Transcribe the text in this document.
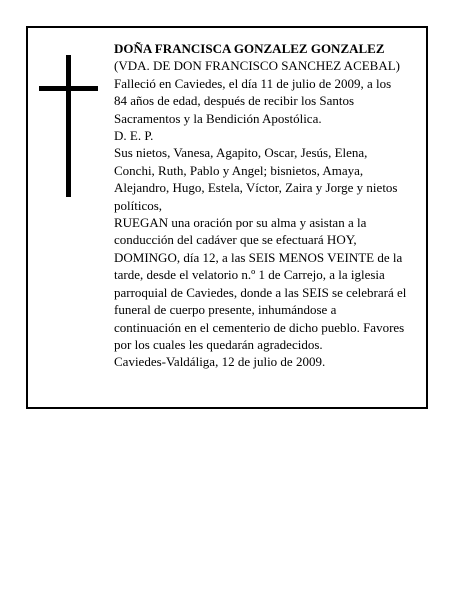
DOÑA FRANCISCA GONZALEZ GONZALEZ
(VDA. DE DON FRANCISCO SANCHEZ ACEBAL)
Falleció en Caviedes, el día 11 de julio de 2009, a los
84 años de edad, después de recibir los Santos
Sacramentos y la Bendición Apostólica.
D. E. P.
Sus nietos, Vanesa, Agapito, Oscar, Jesús, Elena,
Conchi, Ruth, Pablo y Angel; bisnietos, Amaya,
Alejandro, Hugo, Estela, Víctor, Zaira y Jorge y nietos
políticos,
RUEGAN una oración por su alma y asistan a la
conducción del cadáver que se efectuará HOY,
DOMINGO, día 12, a las SEIS MENOS VEINTE de la
tarde, desde el velatorio n.º 1 de Carrejo, a la iglesia
parroquial de Caviedes, donde a las SEIS se celebrará el
funeral de cuerpo presente, inhumándose a
continuación en el cementerio de dicho pueblo. Favores
por los cuales les quedarán agradecidos.
Caviedes-Valdáliga, 12 de julio de 2009.
